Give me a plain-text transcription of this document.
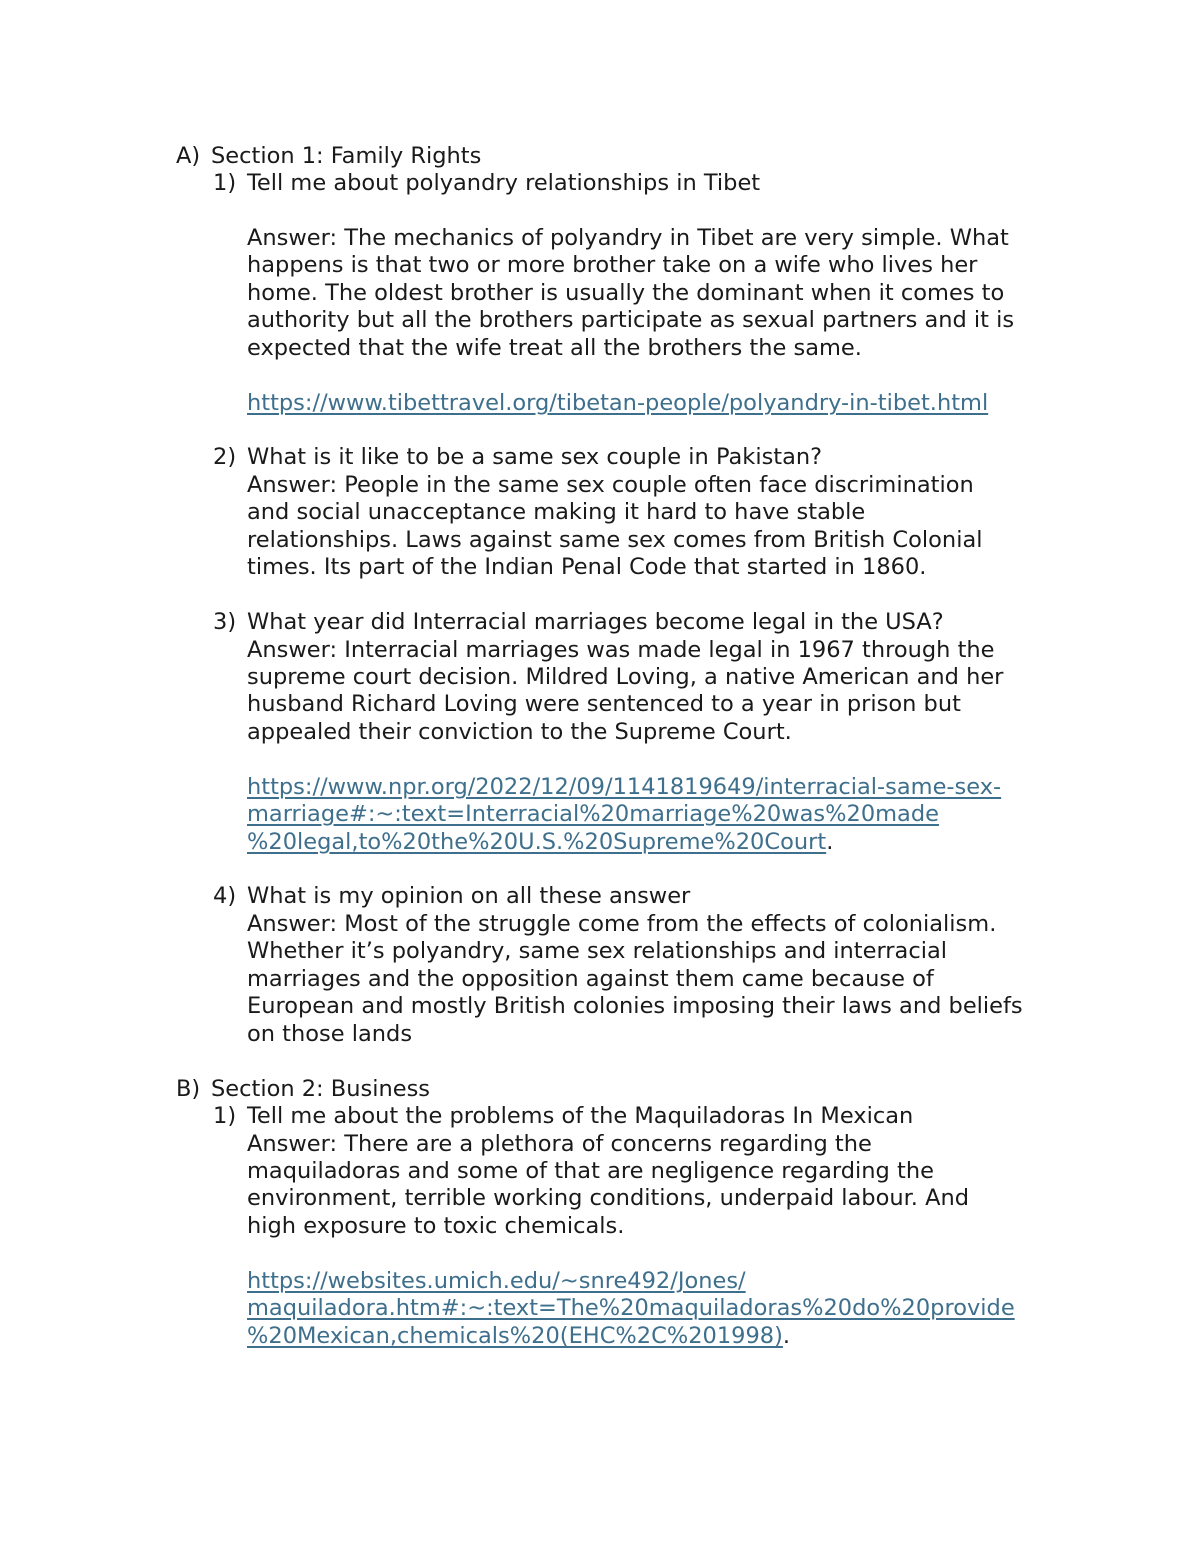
A) Section 1: Family Rights

1) Tell me about polyandry relationships in Tibet

Answer: The mechanics of polyandry in Tibet are very simple. What

happens is that two or more brother take on a wife who lives her

home. The oldest brother is usually the dominant when it comes to

authority but all the brothers participate as sexual partners and it is

expected that the wife treat all the brothers the same.

https://www.tibettravel.org/tibetan-people/polyandry-in-tibet.html

2) What is it like to be a same sex couple in Pakistan?

Answer: People in the same sex couple often face discrimination

and social unacceptance making it hard to have stable

relationships. Laws against same sex comes from British Colonial

times. Its part of the Indian Penal Code that started in 1860.

3) What year did Interracial marriages become legal in the USA?

Answer: Interracial marriages was made legal in 1967 through the

supreme court decision. Mildred Loving, a native American and her

husband Richard Loving were sentenced to a year in prison but

appealed their conviction to the Supreme Court.

https://www.npr.org/2022/12/09/1141819649/interracial-same-sex-

marriage#:~:text=Interracial%20marriage%20was%20made

%20legal,to%20the%20U.S.%20Supreme%20Court.

4) What is my opinion on all these answer

Answer: Most of the struggle come from the effects of colonialism.

Whether it’s polyandry, same sex relationships and interracial

marriages and the opposition against them came because of

European and mostly British colonies imposing their laws and beliefs

on those lands

B) Section 2: Business

1) Tell me about the problems of the Maquiladoras In Mexican

Answer: There are a plethora of concerns regarding the

maquiladoras and some of that are negligence regarding the

environment, terrible working conditions, underpaid labour. And

high exposure to toxic chemicals.

https://websites.umich.edu/~snre492/Jones/

maquiladora.htm#:~:text=The%20maquiladoras%20do%20provide

%20Mexican,chemicals%20(EHC%2C%201998).
